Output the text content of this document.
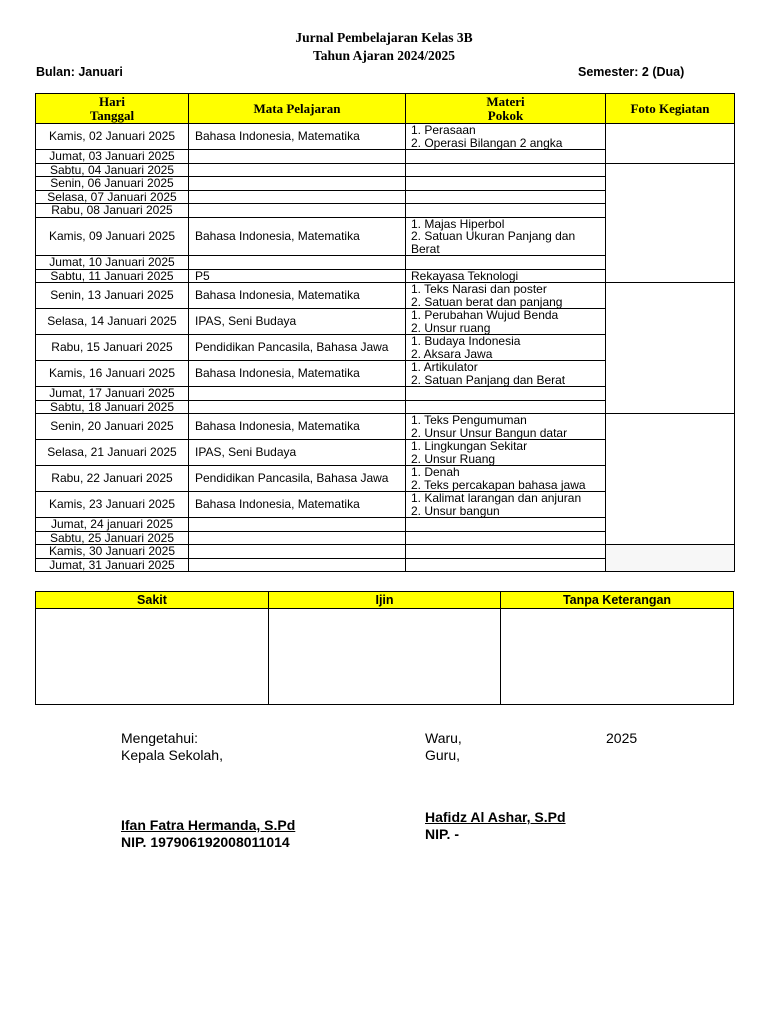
Jurnal Pembelajaran Kelas 3B
Tahun Ajaran 2024/2025
Bulan: Januari	Semester: 2 (Dua)
Hari
Tanggal	Mata Pelajaran	Materi
Pokok	Foto Kegiatan
Kamis, 02 Januari 2025	Bahasa Indonesia, Matematika	1. Perasaan
2. Operasi Bilangan 2 angka	

Jumat, 03 Januari 2025			
Sabtu, 04 Januari 2025			
Senin, 06 Januari 2025			
Selasa, 07 Januari 2025			
Rabu, 08 Januari 2025			
Kamis, 09 Januari 2025	Bahasa Indonesia, Matematika	1. Majas Hiperbol
2. Satuan Ukuran Panjang dan
Berat	

Jumat, 10 Januari 2025			
Sabtu, 11 Januari 2025	P5	Rekayasa Teknologi	

Senin, 13 Januari 2025	Bahasa Indonesia, Matematika	1. Teks Narasi dan poster
2. Satuan berat dan panjang	

Selasa, 14 Januari 2025	IPAS, Seni Budaya	1. Perubahan Wujud Benda
2. Unsur ruang	

Rabu, 15 Januari 2025	Pendidikan Pancasila, Bahasa Jawa	1. Budaya Indonesia
2. Aksara Jawa	

Kamis, 16 Januari 2025	Bahasa Indonesia, Matematika	1. Artikulator
2. Satuan Panjang dan Berat	

Jumat, 17 Januari 2025			
Sabtu, 18 Januari 2025			
Senin, 20 Januari 2025	Bahasa Indonesia, Matematika	1. Teks Pengumuman
2. Unsur Unsur Bangun datar	

Selasa, 21 Januari 2025	IPAS, Seni Budaya	1. Lingkungan Sekitar
2. Unsur Ruang	

Rabu, 22 Januari 2025	Pendidikan Pancasila, Bahasa Jawa	1. Denah
2. Teks percakapan bahasa jawa	

Kamis, 23 Januari 2025	Bahasa Indonesia, Matematika	1. Kalimat larangan dan anjuran
2. Unsur bangun	

Jumat, 24 januari 2025			
Sabtu, 25 Januari 2025			
Kamis, 30 Januari 2025			
Jumat, 31 Januari 2025			
Sakit	Ijin	Tanpa Keterangan

Mengetahui:
Kepala Sekolah,
Ifan Fatra Hermanda, S.Pd
NIP. 197906192008011014
Waru,	2025
Guru,
Hafidz Al Ashar, S.Pd
NIP. -
